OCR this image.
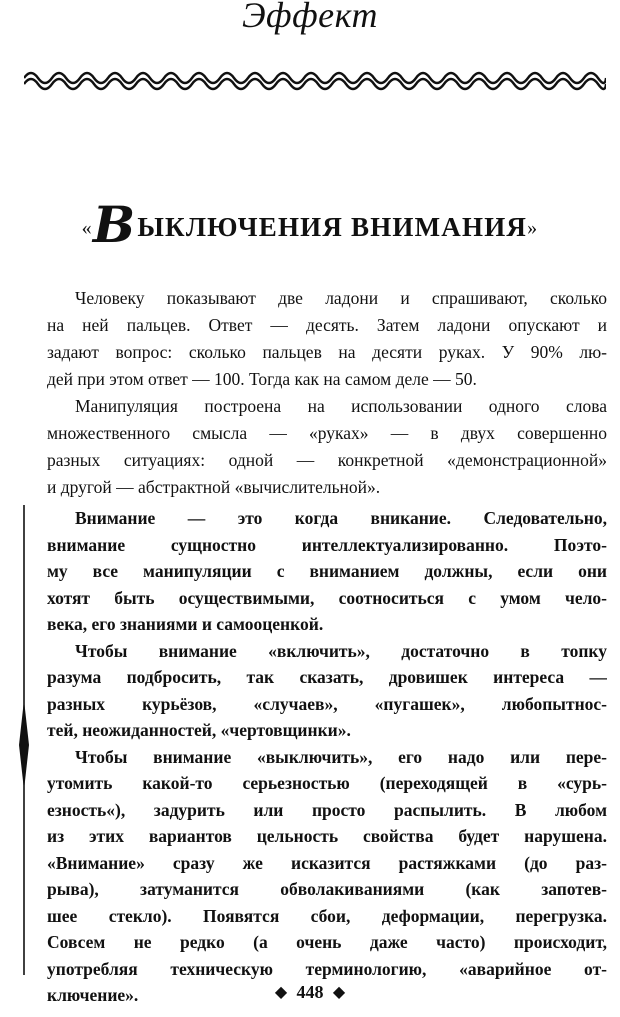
Эффект
«ВЫКЛЮЧЕНИЯ ВНИМАНИЯ»
Человеку показывают две ладони и спрашивают, сколько
на ней пальцев. Ответ — десять. Затем ладони опускают и
задают вопрос: сколько пальцев на десяти руках. У 90% лю-
дей при этом ответ — 100. Тогда как на самом деле — 50.
Манипуляция построена на использовании одного слова
множественного смысла — «руках» — в двух совершенно
разных ситуациях: одной — конкретной «демонстрационной»
и другой — абстрактной «вычислительной».
Внимание — это когда вникание. Следовательно,
внимание сущностно интеллектуализированно. Поэто-
му все манипуляции с вниманием должны, если они
хотят быть осуществимыми, соотноситься с умом чело-
века, его знаниями и самооценкой.
Чтобы внимание «включить», достаточно в топку
разума подбросить, так сказать, дровишек интереса —
разных курьёзов, «случаев», «пугашек», любопытнос-
тей, неожиданностей, «чертовщинки».
Чтобы внимание «выключить», его надо или пере-
утомить какой-то серьезностью (переходящей в «сурь-
езность«), задурить или просто распылить. В любом
из этих вариантов цельность свойства будет нарушена.
«Внимание» сразу же исказится растяжками (до раз-
рыва), затуманится обволакиваниями (как запотев-
шее стекло). Появятся сбои, деформации, перегрузка.
Совсем не редко (а очень даже часто) происходит,
употребляя техническую терминологию, «аварийное от-
ключение».	◆ 448 ◆
